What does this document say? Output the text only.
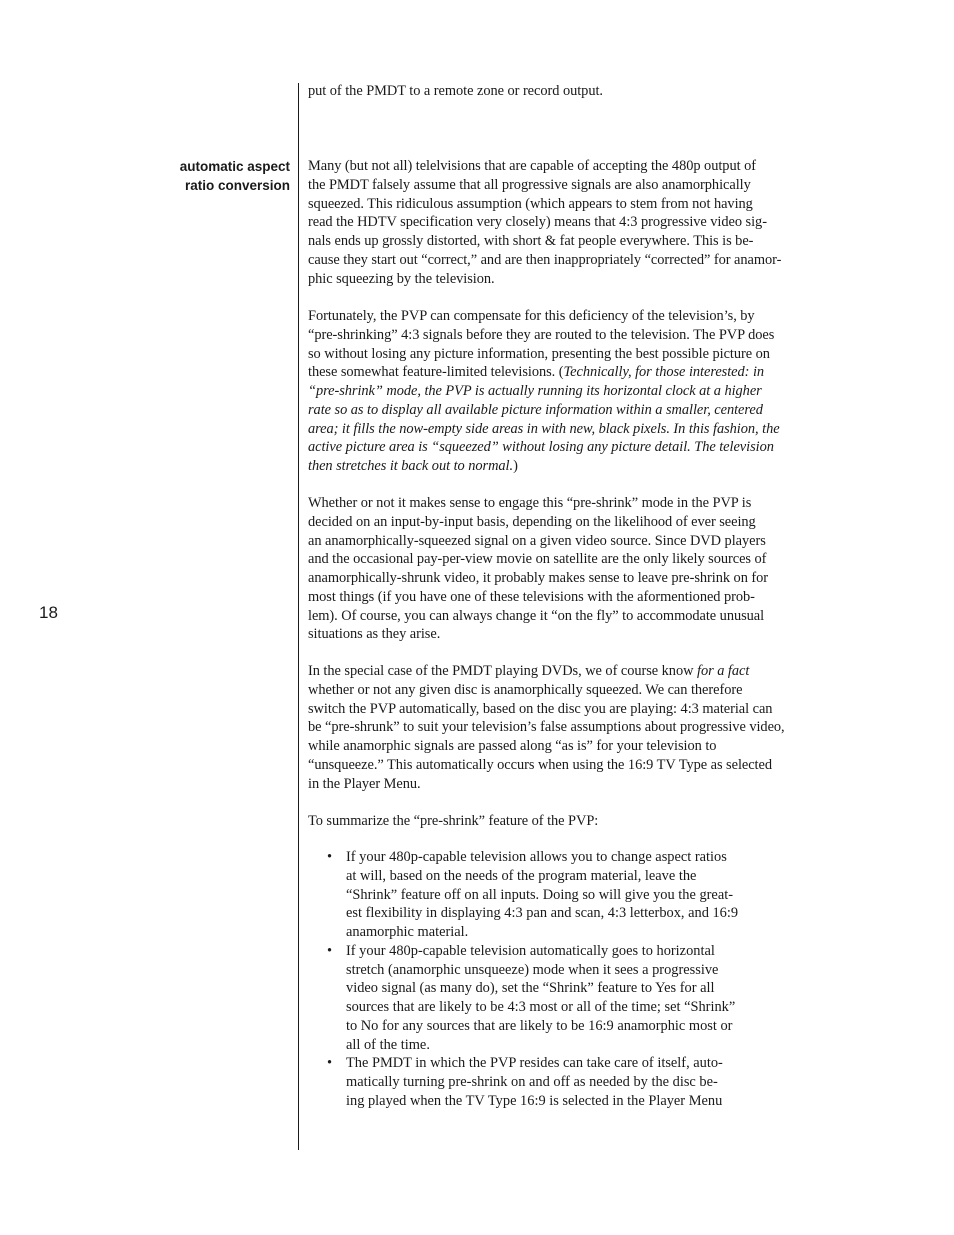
18
automatic aspect
ratio conversion
put of the PMDT to a remote zone or record output.
Many (but not all) telelvisions that are capable of accepting the 480p output of
the PMDT falsely assume that all progressive signals are also anamorphically
squeezed. This ridiculous assumption (which appears to stem from not having
read the HDTV specification very closely) means that 4:3 progressive video sig-
nals ends up grossly distorted, with short & fat people everywhere. This is be-
cause they start out “correct,” and are then inappropriately “corrected” for anamor-
phic squeezing by the television.
Fortunately, the PVP can compensate for this deficiency of the television’s, by
“pre-shrinking” 4:3 signals before they are routed to the television. The PVP does
so without losing any picture information, presenting the best possible picture on
these somewhat feature-limited televisions. (Technically, for those interested: in
“pre-shrink” mode, the PVP is actually running its horizontal clock at a higher
rate so as to display all available picture information within a smaller, centered
area; it fills the now-empty side areas in with new, black pixels. In this fashion, the
active picture area is “squeezed” without losing any picture detail. The television
then stretches it back out to normal.)
Whether or not it makes sense to engage this “pre-shrink” mode in the PVP is
decided on an input-by-input basis, depending on the likelihood of ever seeing
an anamorphically-squeezed signal on a given video source. Since DVD players
and the occasional pay-per-view movie on satellite are the only likely sources of
anamorphically-shrunk video, it probably makes sense to leave pre-shrink on for
most things (if you have one of these televisions with the aformentioned prob-
lem). Of course, you can always change it “on the fly” to accommodate unusual
situations as they arise.
In the special case of the PMDT playing DVDs, we of course know for a fact
whether or not any given disc is anamorphically squeezed. We can therefore
switch the PVP automatically, based on the disc you are playing: 4:3 material can
be “pre-shrunk” to suit your television’s false assumptions about progressive video,
while anamorphic signals are passed along “as is” for your television to
“unsqueeze.” This automatically occurs when using the 16:9 TV Type as selected
in the Player Menu.
To summarize the “pre-shrink” feature of the PVP:
• If your 480p-capable television allows you to change aspect ratios
at will, based on the needs of the program material, leave the
“Shrink” feature off on all inputs. Doing so will give you the great-
est flexibility in displaying 4:3 pan and scan, 4:3 letterbox, and 16:9
anamorphic material.
• If your 480p-capable television automatically goes to horizontal
stretch (anamorphic unsqueeze) mode when it sees a progressive
video signal (as many do), set the “Shrink” feature to Yes for all
sources that are likely to be 4:3 most or all of the time; set “Shrink”
to No for any sources that are likely to be 16:9 anamorphic most or
all of the time.
• The PMDT in which the PVP resides can take care of itself, auto-
matically turning pre-shrink on and off as needed by the disc be-
ing played when the TV Type 16:9 is selected in the Player Menu
